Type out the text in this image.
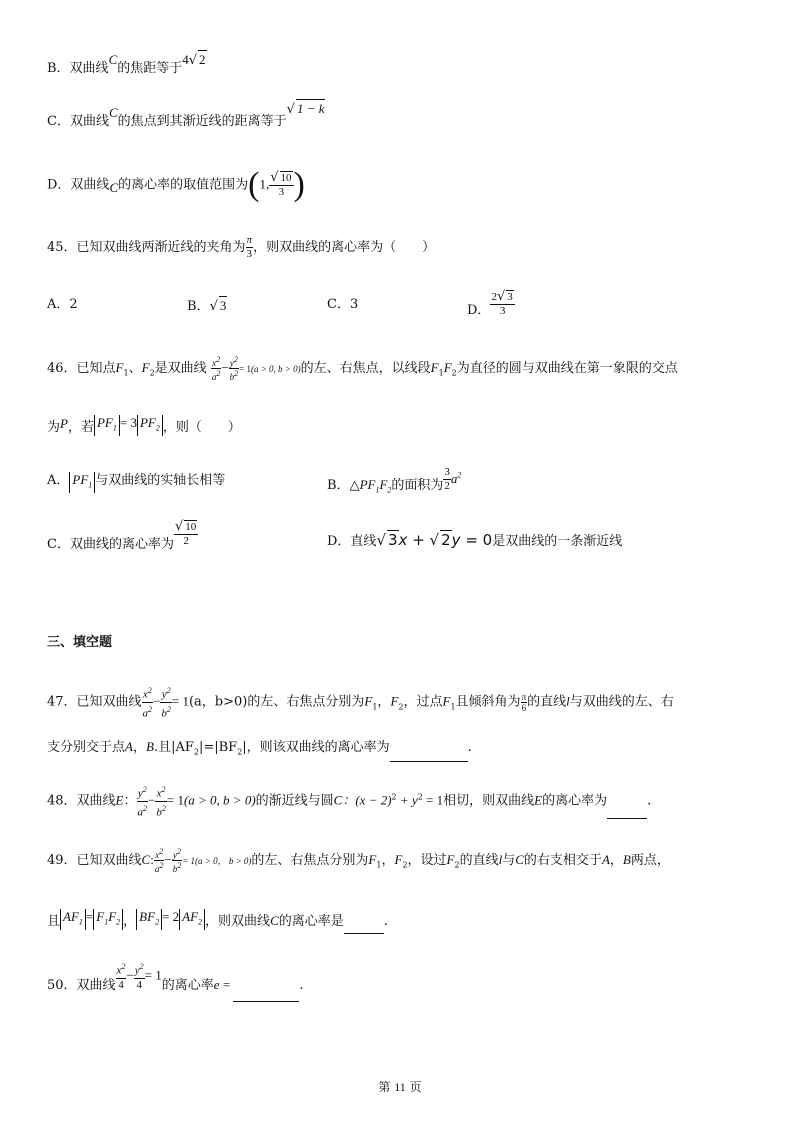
B．双曲线C的焦距等于4√ 2
C．双曲线C的焦点到其渐近线的距离等于√ 1 − k
D．双曲线C的离心率的取值范围为(1, $\frac{√ 10}{3}$ )
45．已知双曲线两渐近线的夹角为 $\frac{\pi}{3}$ ，则双曲线的离心率为（　　）
A．2	B．√ 3	C．3	D． $\frac{2√ 3}{3}$
46．已知点$F_1$、$F_2$是双曲线 $\frac{x^2}{a^2} - \frac{y^2}{b^2} = 1(a > 0$, b > 0)的左、右焦点，以线段$F_1F_2$为直径的圆与双曲线在第一象限的交点
为P，若 $PF_1 = 3$ $PF_2$ ，则（　　）
A． $PF_1$ 与双曲线的实轴长相等	B．$\triangle PF_1F_2$的面积为 $\frac{3}{2} a^2$
C．双曲线的离心率为 $\frac{√ 10}{2}$	D．直线√ 3x + √ 2y = 0是双曲线的一条渐近线
三、填空题
47．已知双曲线 $\frac{x^2}{a^2} - \frac{y^2}{b^2} = 1(a$，b>0)的左、右焦点分别为$F_1$，$F_2$，过点$F_1$且倾斜角为 $\frac{\pi}{6}$ 的直线l与双曲线的左、右
支分别交于点A，B.且$|AF_2|=|BF_2|$，则该双曲线的离心率为	.
48．双曲线E： $\frac{y^2}{a^2} - \frac{x^2}{b^2} = 1(a > 0$, b > 0)的渐近线与圆C：$(x - 2)^2 + y^2 = 1$相切，则双曲线E的离心率为	.
49．已知双曲线C: $\frac{x^2}{a^2} - \frac{y^2}{b^2} = 1(a > 0$， b > 0)的左、右焦点分别为$F_1$，$F_2$，设过$F_2$的直线l与C的右支相交于A，B两点，
且 $AF_1 = F_1F_2$ ， $BF_2 = 2$ $AF_2$ ，则双曲线C的离心率是	.
50．双曲线 $\frac{x^2}{4} - \frac{y^2}{4} = 1$的离心率e =	.
第 11 页
